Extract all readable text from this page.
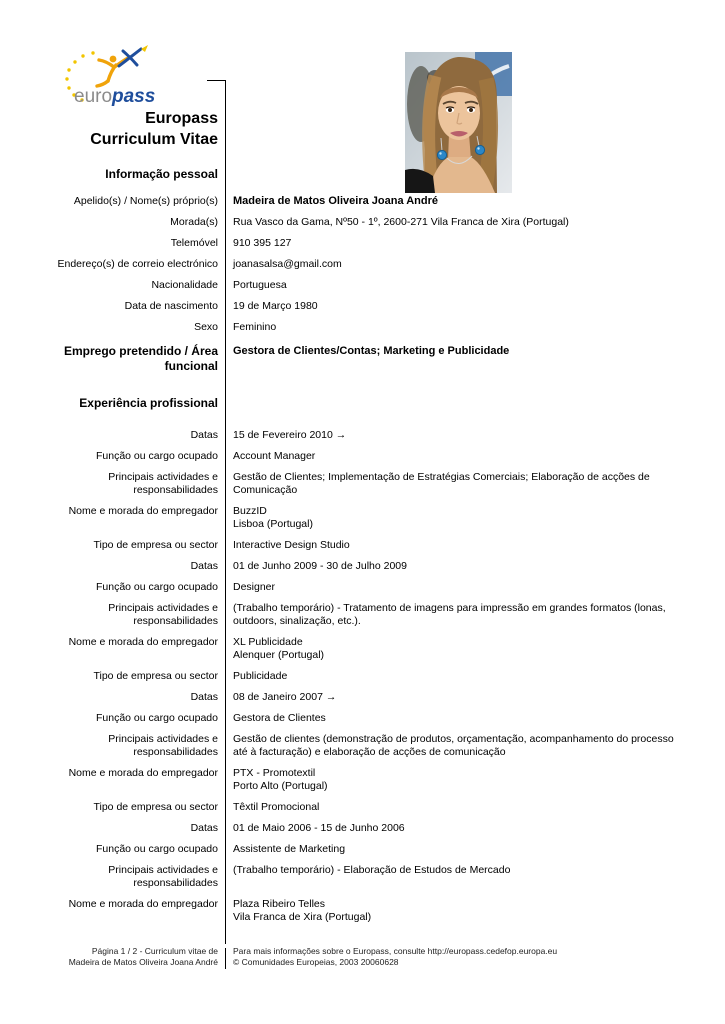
euro pass
Europass
Curriculum Vitae
Informação pessoal
Apelido(s) / Nome(s) próprio(s) Madeira de Matos Oliveira Joana André
Morada(s) Rua Vasco da Gama, Nº50 - 1º, 2600-271 Vila Franca de Xira (Portugal)
Telemóvel 910 395 127
Endereço(s) de correio electrónico joanasalsa@gmail.com
Nacionalidade Portuguesa
Data de nascimento 19 de Março 1980
Sexo Feminino
Emprego pretendido / Área funcional
Gestora de Clientes/Contas; Marketing e Publicidade
Experiência profissional
Datas 15 de Fevereiro 2010 →
Função ou cargo ocupado Account Manager
Principais actividades e responsabilidades
Gestão de Clientes; Implementação de Estratégias Comerciais; Elaboração de acções de Comunicação
Nome e morada do empregador BuzzID
Lisboa (Portugal)
Tipo de empresa ou sector Interactive Design Studio
Datas 01 de Junho 2009 - 30 de Julho 2009
Função ou cargo ocupado Designer
Principais actividades e responsabilidades
(Trabalho temporário) - Tratamento de imagens para impressão em grandes formatos (lonas, outdoors, sinalização, etc.).
Nome e morada do empregador XL Publicidade
Alenquer (Portugal)
Tipo de empresa ou sector Publicidade
Datas 08 de Janeiro 2007 →
Função ou cargo ocupado Gestora de Clientes
Principais actividades e responsabilidades
Gestão de clientes (demonstração de produtos, orçamentação, acompanhamento do processo até à facturação) e elaboração de acções de comunicação
Nome e morada do empregador PTX - Promotextil
Porto Alto (Portugal)
Tipo de empresa ou sector Têxtil Promocional
Datas 01 de Maio 2006 - 15 de Junho 2006
Função ou cargo ocupado Assistente de Marketing
Principais actividades e responsabilidades
(Trabalho temporário) - Elaboração de Estudos de Mercado
Nome e morada do empregador Plaza Ribeiro Telles
Vila Franca de Xira (Portugal)
Página 1 / 2 - Curriculum vitae de
Madeira de Matos Oliveira Joana André
Para mais informações sobre o Europass, consulte http://europass.cedefop.europa.eu
© Comunidades Europeias, 2003 20060628
